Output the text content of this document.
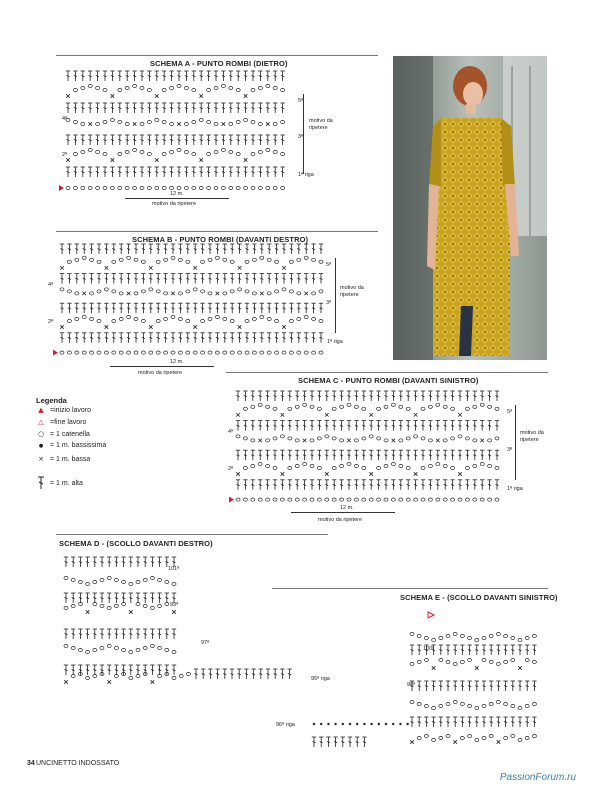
SCHEMA A - PUNTO ROMBI (DIETRO)
4ª
2ª
5ª
3ª
motivo da ripetere
1ª riga
12 m.
motivo da ripetere
SCHEMA B - PUNTO ROMBI (DAVANTI DESTRO)
4ª
2ª
5ª
3ª
motivo da ripetere
1ª riga
12 m.
motivo da ripetere
Legenda
▲ =inizio lavoro
△ =fine lavoro
○ = 1 catenella
● = 1 m. bassissima
× = 1 m. bassa
= 1 m. alta
SCHEMA C - PUNTO ROMBI (DAVANTI SINISTRO)
4ª
2ª
5ª
3ª
motivo da ripetere
1ª riga
12 m.
motivo da ripetere
SCHEMA D - (SCOLLO DAVANTI DESTRO)
101ª
99ª
97ª
95ª riga
SCHEMA E - (SCOLLO DAVANTI SINISTRO)
100ª
98ª
96ª riga
34 UNCINETTO INDOSSATO
PassionForum.ru
